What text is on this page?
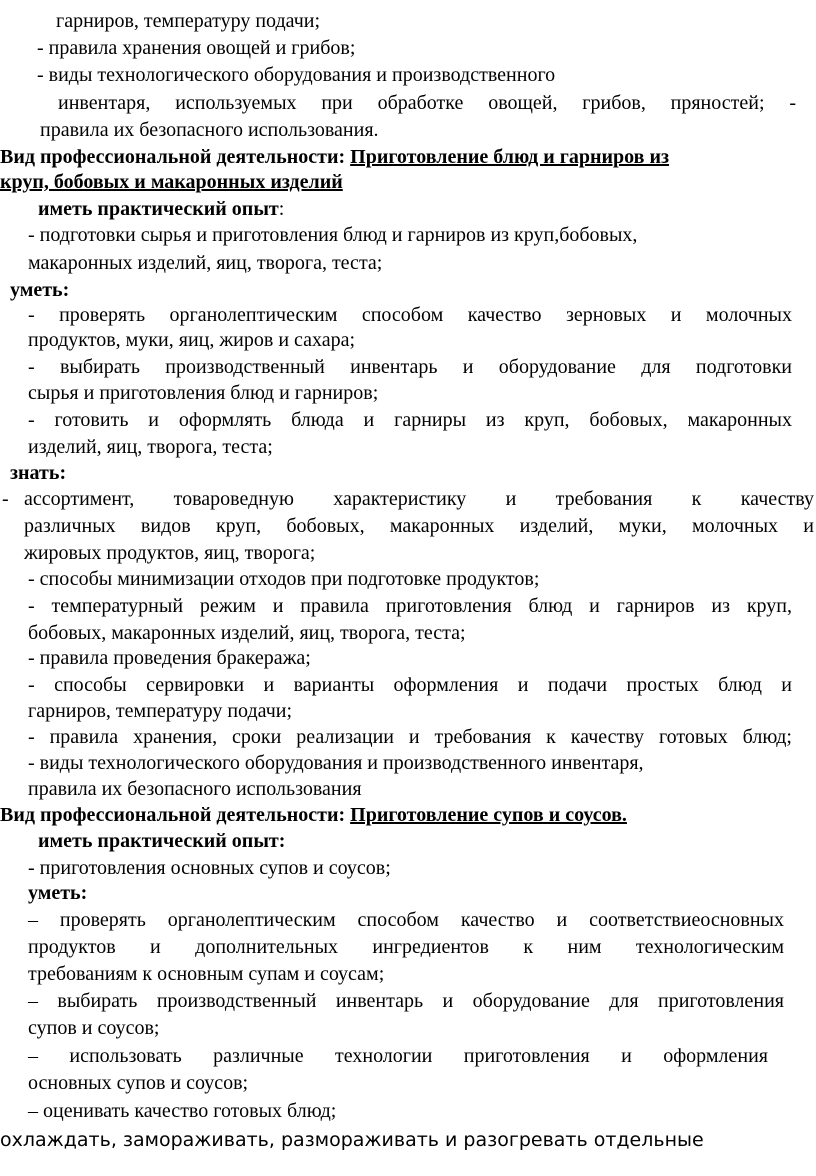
гарниров, температуру подачи;
- правила хранения овощей и грибов;
- виды технологического оборудования и производственного
инвентаря, используемых при обработке овощей, грибов, пряностей; -
правила их безопасного использования.
Вид профессиональной деятельности: Приготовление блюд и гарниров из
круп, бобовых и макаронных изделий
иметь практический опыт:
- подготовки сырья и приготовления блюд и гарниров из круп,бобовых,
макаронных изделий, яиц, творога, теста;
уметь:
- проверять органолептическим способом качество зерновых и молочных
продуктов, муки, яиц, жиров и сахара;
- выбирать производственный инвентарь и оборудование для подготовки
сырья и приготовления блюд и гарниров;
- готовить и оформлять блюда и гарниры из круп, бобовых, макаронных
изделий, яиц, творога, теста;
знать:
- ассортимент, товароведную характеристику и требования к качеству
различных видов круп, бобовых, макаронных изделий, муки, молочных и
жировых продуктов, яиц, творога;
- способы минимизации отходов при подготовке продуктов;
- температурный режим и правила приготовления блюд и гарниров из круп,
бобовых, макаронных изделий, яиц, творога, теста;
- правила проведения бракеража;
- способы сервировки и варианты оформления и подачи простых блюд и
гарниров, температуру подачи;
- правила хранения, сроки реализации и требования к качеству готовых блюд;
- виды технологического оборудования и производственного инвентаря,
правила их безопасного использования
Вид профессиональной деятельности: Приготовление супов и соусов.
иметь практический опыт:
- приготовления основных супов и соусов;
уметь:
– проверять органолептическим способом качество и соответствиеосновных
продуктов и дополнительных ингредиентов к ним технологическим
требованиям к основным супам и соусам;
– выбирать производственный инвентарь и оборудование для приготовления
супов и соусов;
– использовать различные технологии приготовления и оформления
основных супов и соусов;
– оценивать качество готовых блюд;
охлаждать, замораживать, размораживать и разогревать отдельные
